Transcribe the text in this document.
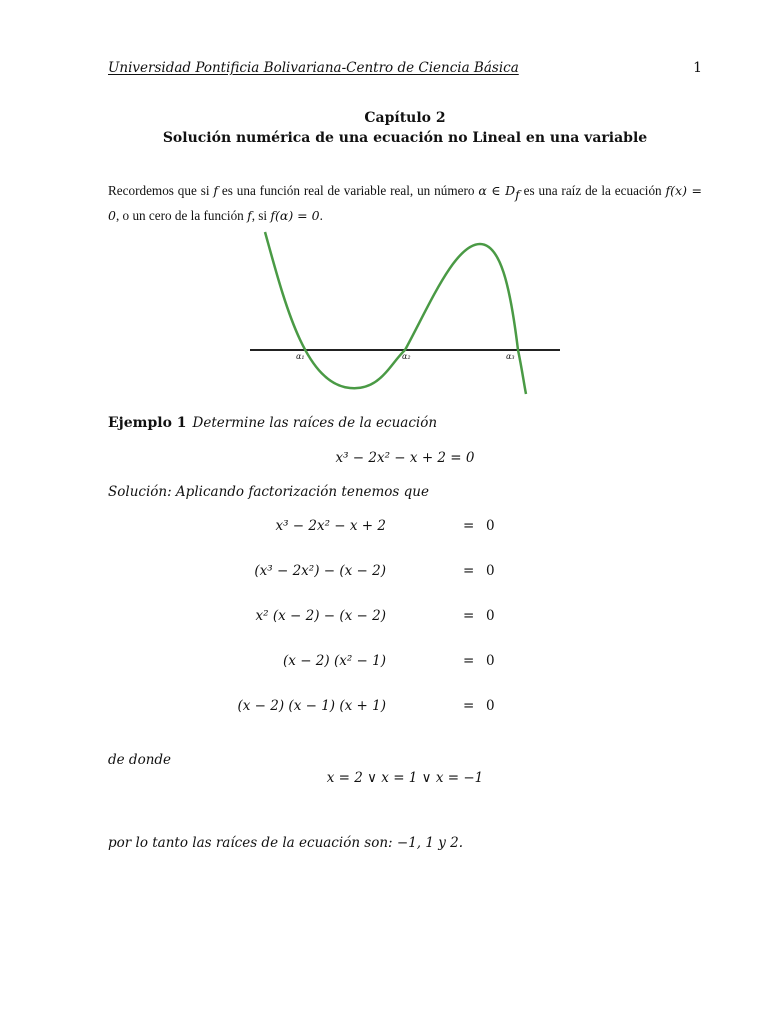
Universidad Pontificia Bolivariana-Centro de Ciencia Básica	1
Capítulo 2
Solución numérica de una ecuación no Lineal en una variable
Recordemos que si f es una función real de variable real, un número α ∈ $D_f$ es una raíz de la ecuación f(x) = 0, o un cero de la función f, si f(α) = 0.
α₁	α₂	α₃
Ejemplo 1 Determine las raíces de la ecuación
x³ − 2x² − x + 2 = 0
Solución: Aplicando factorización tenemos que
x³ − 2x² − x + 2	= 0
(x³ − 2x²) − (x − 2)	= 0
x² (x − 2) − (x − 2)	= 0
(x − 2) (x² − 1)	= 0
(x − 2) (x − 1) (x + 1)	= 0
de donde
x = 2 ∨ x = 1 ∨ x = −1
por lo tanto las raíces de la ecuación son: −1, 1 y 2.
